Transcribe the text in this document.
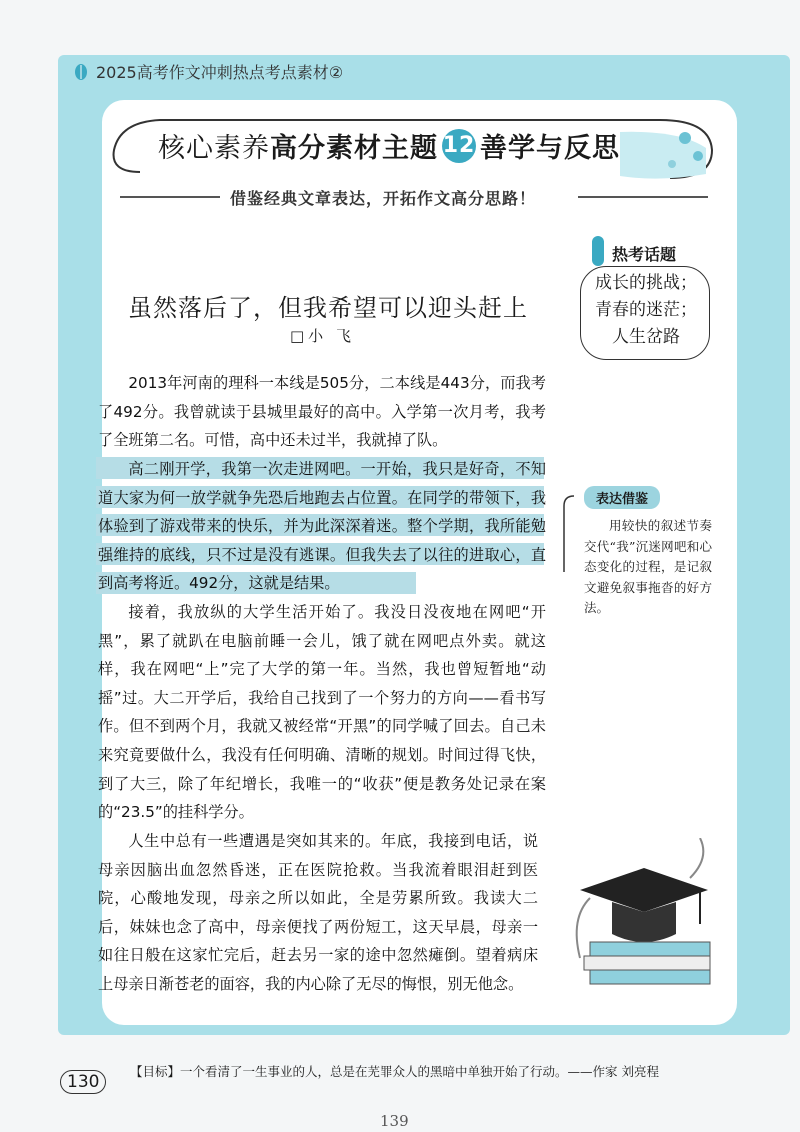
2025高考作文冲刺热点考点素材②
核心素养 高分素材主题 12 善学与反思
借鉴经典文章表达，开拓作文高分思路！
热考话题
成长的挑战；
青春的迷茫；
人生岔路
虽然落后了，但我希望可以迎头赶上
□小 飞
2013年河南的理科一本线是505分，二本线是443分，而我考了492分。我曾就读于县城里最好的高中。入学第一次月考，我考了全班第二名。可惜，高中还未过半，我就掉了队。
高二刚开学，我第一次走进网吧。一开始，我只是好奇，不知道大家为何一放学就争先恐后地跑去占位置。在同学的带领下，我体验到了游戏带来的快乐，并为此深深着迷。整个学期，我所能勉强维持的底线，只不过是没有逃课。但我失去了以往的进取心，直到高考将近。492分，这就是结果。
接着，我放纵的大学生活开始了。我没日没夜地在网吧“开黑”，累了就趴在电脑前睡一会儿，饿了就在网吧点外卖。就这样，我在网吧“上”完了大学的第一年。当然，我也曾短暂地“动摇”过。大二开学后，我给自己找到了一个努力的方向——看书写作。但不到两个月，我就又被经常“开黑”的同学喊了回去。自己未来究竟要做什么，我没有任何明确、清晰的规划。时间过得飞快，到了大三，除了年纪增长，我唯一的“收获”便是教务处记录在案的“23.5”的挂科学分。
人生中总有一些遭遇是突如其来的。年底，我接到电话，说母亲因脑出血忽然昏迷，正在医院抢救。当我流着眼泪赶到医院，心酸地发现，母亲之所以如此，全是劳累所致。我读大二后，妹妹也念了高中，母亲便找了两份短工，这天早晨，母亲一如往日般在这家忙完后，赶去另一家的途中忽然瘫倒。望着病床上母亲日渐苍老的面容，我的内心除了无尽的悔恨，别无他念。
表达借鉴
用较快的叙述节奏交代“我”沉迷网吧和心态变化的过程，是记叙文避免叙事拖沓的好方法。
130
【目标】一个看清了一生事业的人，总是在芜罪众人的黑暗中单独开始了行动。——作家 刘亮程
139
